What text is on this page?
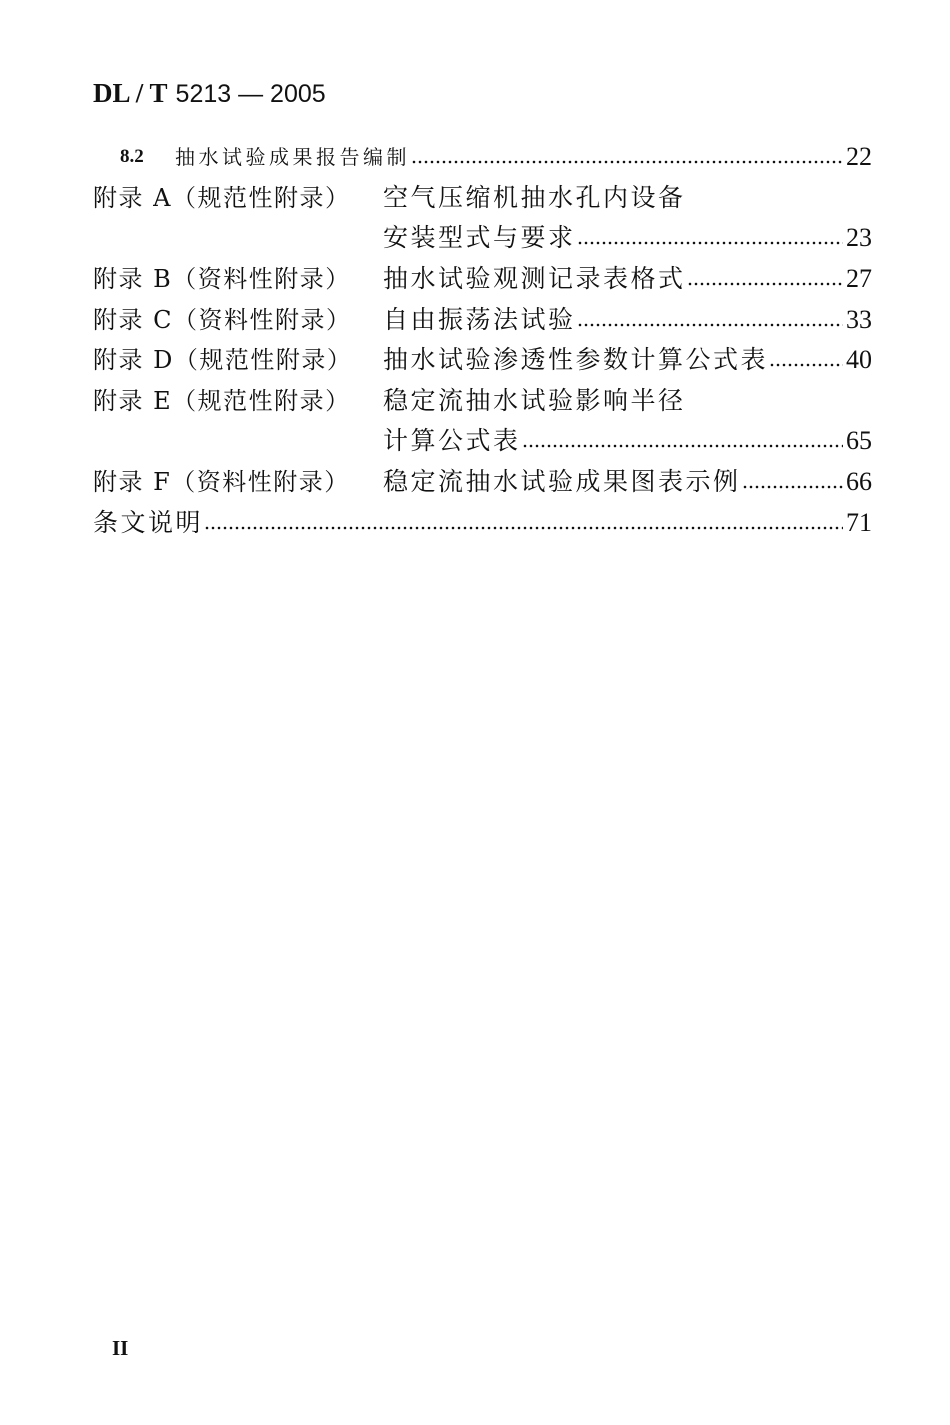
DL / T 5213 — 2005
8.2 抽水试验成果报告编制	22
附录 A（规范性附录） 空气压缩机抽水孔内设备
安装型式与要求	23
附录 B（资料性附录） 抽水试验观测记录表格式	27
附录 C（资料性附录） 自由振荡法试验	33
附录 D（规范性附录） 抽水试验渗透性参数计算公式表	40
附录 E（规范性附录） 稳定流抽水试验影响半径
计算公式表	65
附录 F（资料性附录） 稳定流抽水试验成果图表示例	66
条文说明	71
II
